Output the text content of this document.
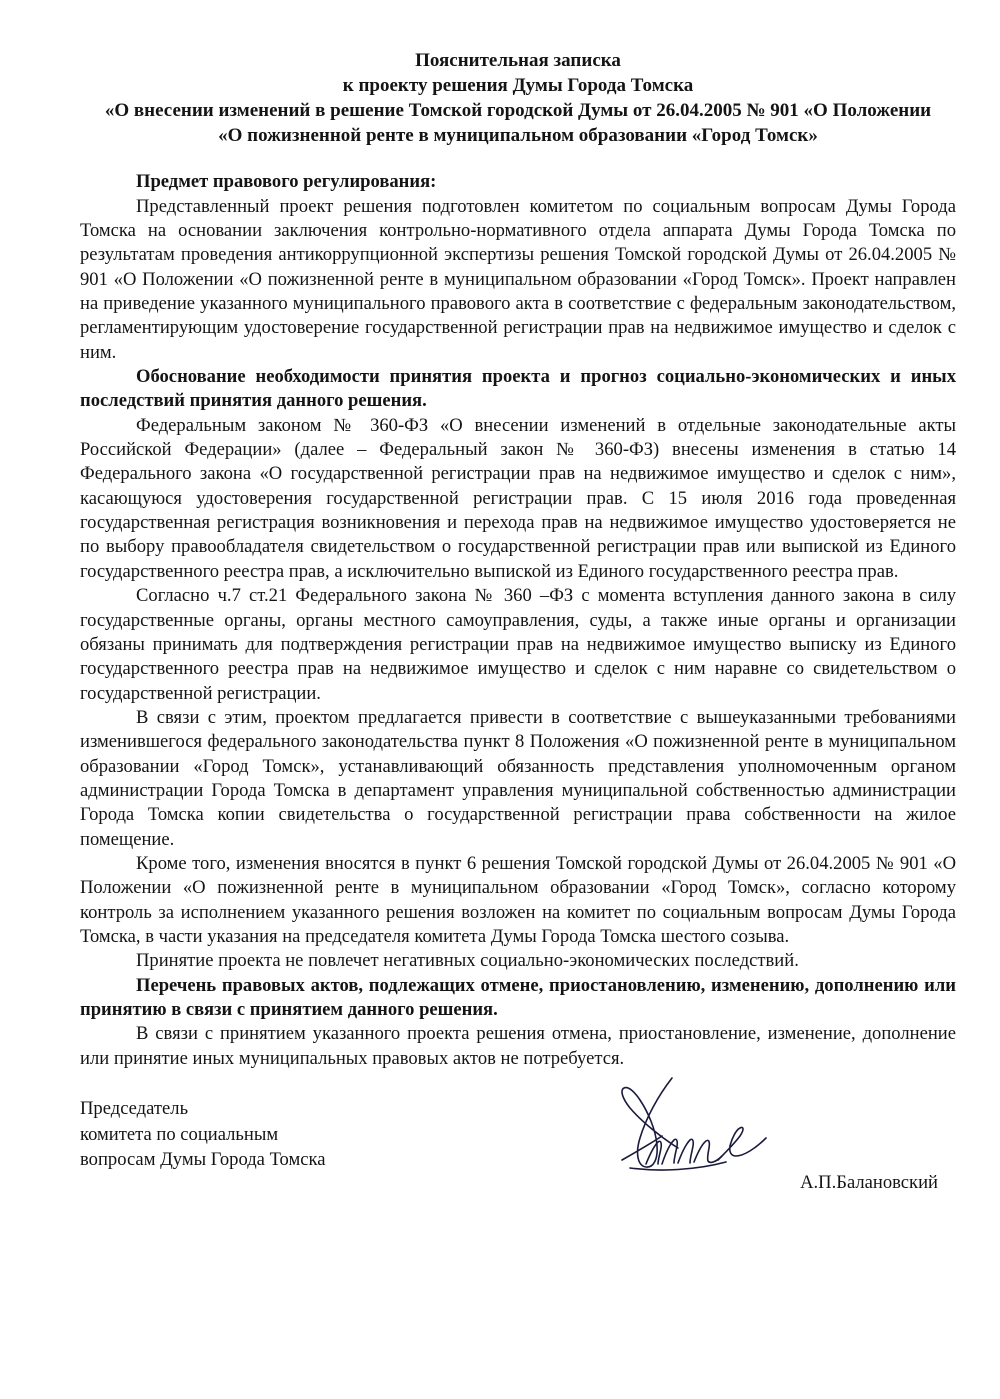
Пояснительная записка
к проекту решения Думы Города Томска
«О внесении изменений в решение Томской городской Думы от 26.04.2005 № 901 «О Положении
«О пожизненной ренте в муниципальном образовании «Город Томск»

Предмет правового регулирования:

Представленный проект решения подготовлен комитетом по социальным вопросам Думы Города Томска на основании заключения контрольно-нормативного отдела аппарата Думы Города Томска по результатам проведения антикоррупционной экспертизы решения Томской городской Думы от 26.04.2005 № 901 «О Положении «О пожизненной ренте в муниципальном образовании «Город Томск». Проект направлен на приведение указанного муниципального правового акта в соответствие с федеральным законодательством, регламентирующим удостоверение государственной регистрации прав на недвижимое имущество и сделок с ним.

Обоснование необходимости принятия проекта и прогноз социально-экономических и иных последствий принятия данного решения.

Федеральным законом № 360-ФЗ «О внесении изменений в отдельные законодательные акты Российской Федерации» (далее – Федеральный закон № 360-ФЗ) внесены изменения в статью 14 Федерального закона «О государственной регистрации прав на недвижимое имущество и сделок с ним», касающуюся удостоверения государственной регистрации прав. С 15 июля 2016 года проведенная государственная регистрация возникновения и перехода прав на недвижимое имущество удостоверяется не по выбору правообладателя свидетельством о государственной регистрации прав или выпиской из Единого государственного реестра прав, а исключительно выпиской из Единого государственного реестра прав.

Согласно ч.7 ст.21 Федерального закона № 360 –ФЗ с момента вступления данного закона в силу государственные органы, органы местного самоуправления, суды, а также иные органы и организации обязаны принимать для подтверждения регистрации прав на недвижимое имущество выписку из Единого государственного реестра прав на недвижимое имущество и сделок с ним наравне со свидетельством о государственной регистрации.

В связи с этим, проектом предлагается привести в соответствие с вышеуказанными требованиями изменившегося федерального законодательства пункт 8 Положения «О пожизненной ренте в муниципальном образовании «Город Томск», устанавливающий обязанность представления уполномоченным органом администрации Города Томска в департамент управления муниципальной собственностью администрации Города Томска копии свидетельства о государственной регистрации права собственности на жилое помещение.

Кроме того, изменения вносятся в пункт 6 решения Томской городской Думы от 26.04.2005 № 901 «О Положении «О пожизненной ренте в муниципальном образовании «Город Томск», согласно которому контроль за исполнением указанного решения возложен на комитет по социальным вопросам Думы Города Томска, в части указания на председателя комитета Думы Города Томска шестого созыва.

Принятие проекта не повлечет негативных социально-экономических последствий.

Перечень правовых актов, подлежащих отмене, приостановлению, изменению, дополнению или принятию в связи с принятием данного решения.

В связи с принятием указанного проекта решения отмена, приостановление, изменение, дополнение или принятие иных муниципальных правовых актов не потребуется.

Председатель
комитета по социальным
вопросам Думы Города Томска
А.П.Балановский
